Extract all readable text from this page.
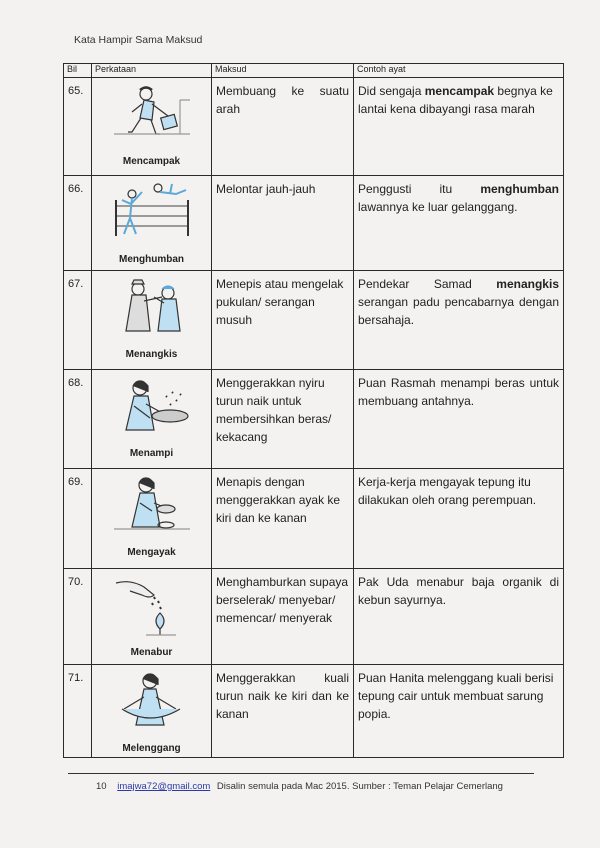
Kata Hampir Sama Maksud
Bil	Perkataan	Maksud	Contoh ayat
65.	Mencampak	Membuang ke suatu arah	Did sengaja mencampak begnya ke lantai kena dibayangi rasa marah
66.	Menghumban	Melontar jauh-jauh	Penggusti itu menghumban lawannya ke luar gelanggang.
67.	Menangkis	Menepis atau mengelak pukulan/ serangan musuh	Pendekar Samad menangkis serangan padu pencabarnya dengan bersahaja.
68.	Menampi	Menggerakkan nyiru turun naik untuk membersihkan beras/ kekacang	Puan Rasmah menampi beras untuk membuang antahnya.
69.	Mengayak	Menapis dengan menggerakkan ayak ke kiri dan ke kanan	Kerja-kerja mengayak tepung itu dilakukan oleh orang perempuan.
70.	Menabur	Menghamburkan supaya berselerak/ menyebar/ memencar/ menyerak	Pak Uda menabur baja organik di kebun sayurnya.
71.	Melenggang	Menggerakkan kuali turun naik ke kiri dan ke kanan	Puan Hanita melenggang kuali berisi tepung cair untuk membuat sarung popia.
10 imajwa72@gmail.com Disalin semula pada Mac 2015. Sumber : Teman Pelajar Cemerlang
